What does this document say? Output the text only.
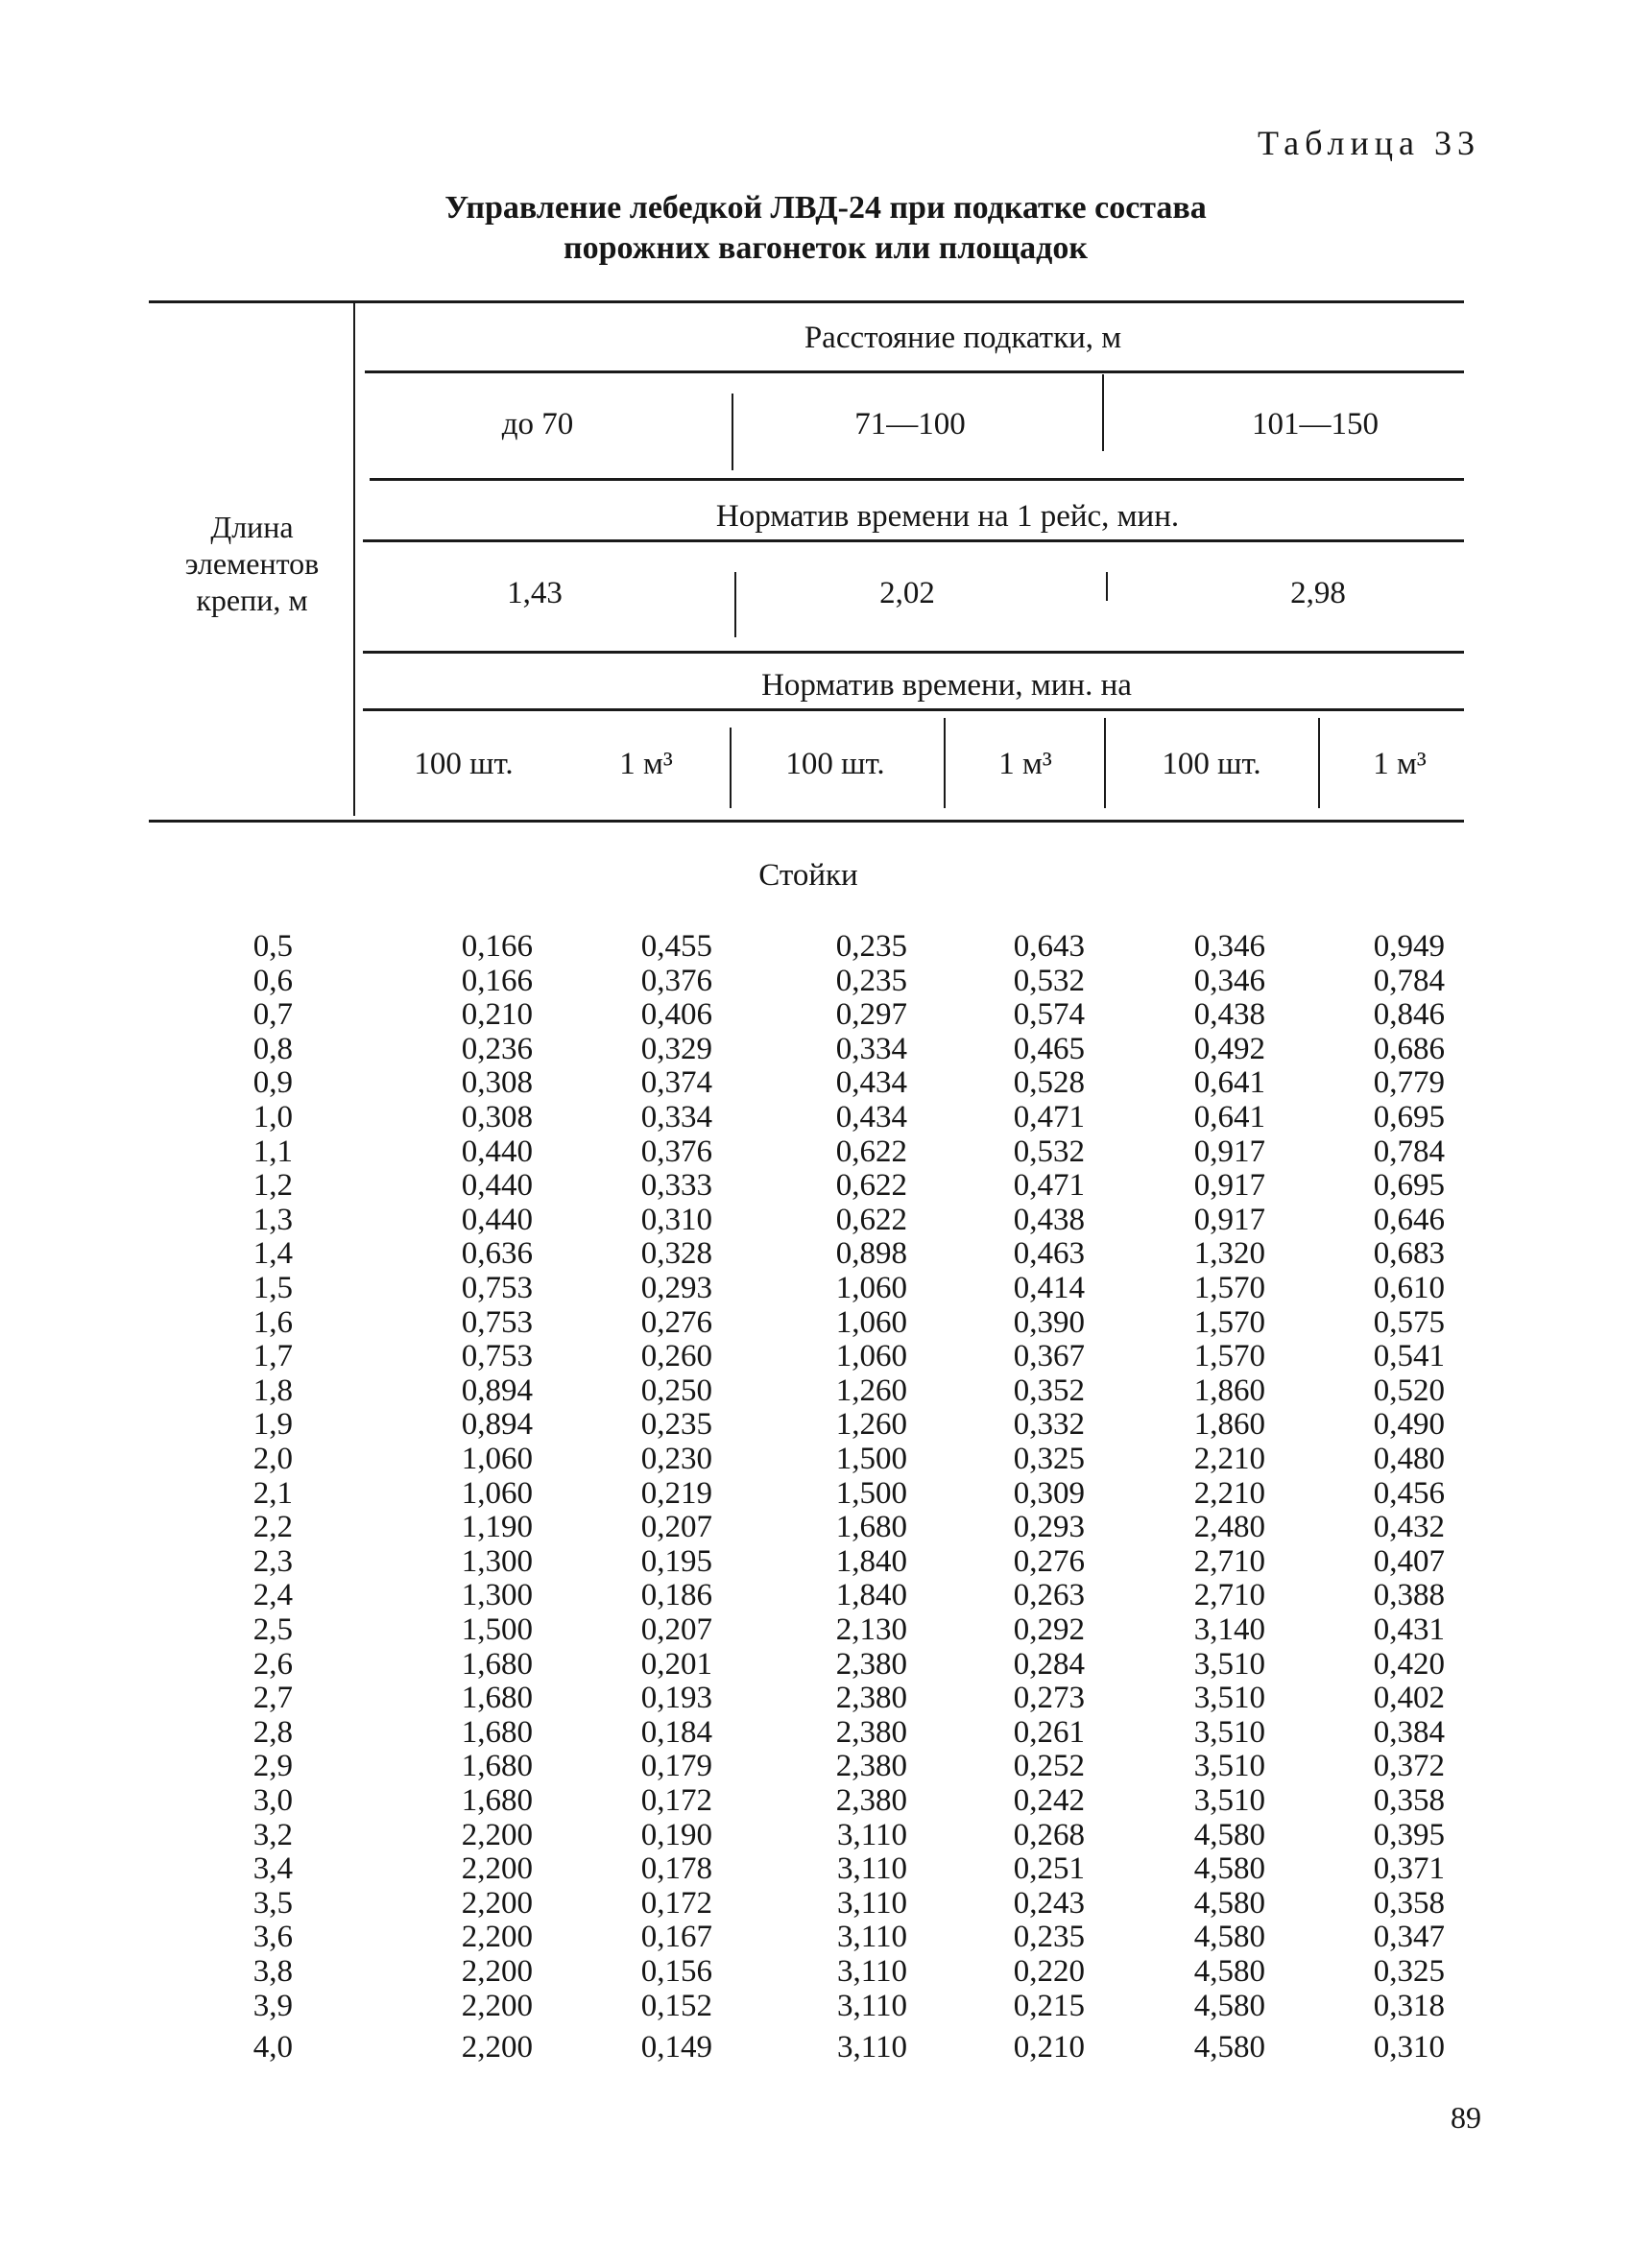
Таблица 33
Управление лебедкой ЛВД-24 при подкатке состава
порожних вагонеток или площадок
Длина
элементов
крепи, м
Расстояние подкатки, м
до 70	71—100	101—150
Норматив времени на 1 рейс, мин.
1,43	2,02	2,98
Норматив времени, мин. на
100 шт.	1 м³	100 шт.	1 м³	100 шт.	1 м³
Стойки
0,5	0,166	0,455	0,235	0,643	0,346	0,949
0,6	0,166	0,376	0,235	0,532	0,346	0,784
0,7	0,210	0,406	0,297	0,574	0,438	0,846
0,8	0,236	0,329	0,334	0,465	0,492	0,686
0,9	0,308	0,374	0,434	0,528	0,641	0,779
1,0	0,308	0,334	0,434	0,471	0,641	0,695
1,1	0,440	0,376	0,622	0,532	0,917	0,784
1,2	0,440	0,333	0,622	0,471	0,917	0,695
1,3	0,440	0,310	0,622	0,438	0,917	0,646
1,4	0,636	0,328	0,898	0,463	1,320	0,683
1,5	0,753	0,293	1,060	0,414	1,570	0,610
1,6	0,753	0,276	1,060	0,390	1,570	0,575
1,7	0,753	0,260	1,060	0,367	1,570	0,541
1,8	0,894	0,250	1,260	0,352	1,860	0,520
1,9	0,894	0,235	1,260	0,332	1,860	0,490
2,0	1,060	0,230	1,500	0,325	2,210	0,480
2,1	1,060	0,219	1,500	0,309	2,210	0,456
2,2	1,190	0,207	1,680	0,293	2,480	0,432
2,3	1,300	0,195	1,840	0,276	2,710	0,407
2,4	1,300	0,186	1,840	0,263	2,710	0,388
2,5	1,500	0,207	2,130	0,292	3,140	0,431
2,6	1,680	0,201	2,380	0,284	3,510	0,420
2,7	1,680	0,193	2,380	0,273	3,510	0,402
2,8	1,680	0,184	2,380	0,261	3,510	0,384
2,9	1,680	0,179	2,380	0,252	3,510	0,372
3,0	1,680	0,172	2,380	0,242	3,510	0,358
3,2	2,200	0,190	3,110	0,268	4,580	0,395
3,4	2,200	0,178	3,110	0,251	4,580	0,371
3,5	2,200	0,172	3,110	0,243	4,580	0,358
3,6	2,200	0,167	3,110	0,235	4,580	0,347
3,8	2,200	0,156	3,110	0,220	4,580	0,325
3,9	2,200	0,152	3,110	0,215	4,580	0,318
4,0	2,200	0,149	3,110	0,210	4,580	0,310
89
